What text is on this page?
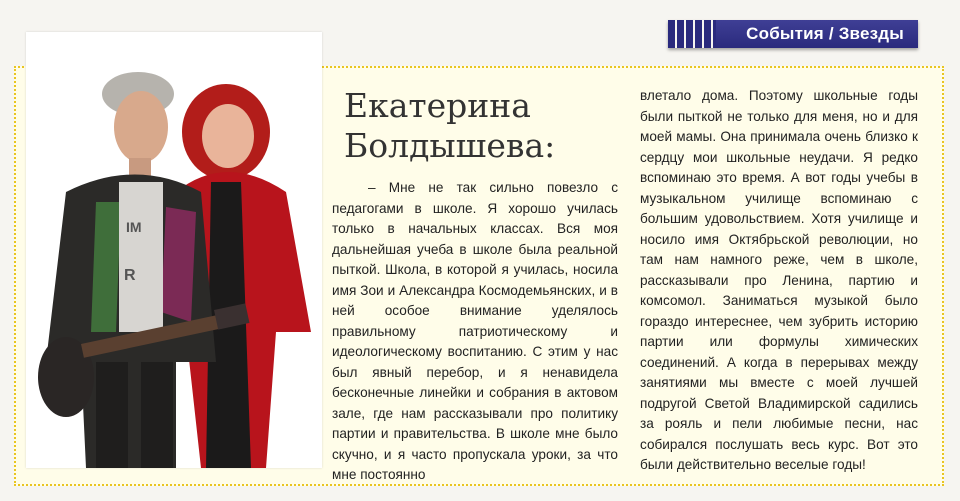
События / Звезды
IM
R
Екатерина
Болдышева:

– Мне не так сильно повезло с педагогами в школе. Я хорошо училась только в начальных классах. Вся моя дальнейшая учеба в школе была реальной пыткой. Школа, в которой я училась, носила имя Зои и Александра Космодемьянских, и в ней особое внимание уделялось правильному патриотическому и идеологическому воспитанию. С этим у нас был явный перебор, и я ненавидела бесконечные линейки и собрания в актовом зале, где нам рассказывали про политику партии и правительства. В школе мне было скучно, и я часто пропускала уроки, за что мне постоянно

влетало дома. Поэтому школьные годы были пыткой не только для меня, но и для моей мамы. Она принимала очень близко к сердцу мои школьные неудачи. Я редко вспоминаю это время. А вот годы учебы в музыкальном училище вспоминаю с большим удовольствием. Хотя училище и носило имя Октябрьской революции, но там нам намного реже, чем в школе, рассказывали про Ленина, партию и комсомол. Заниматься музыкой было гораздо интереснее, чем зубрить историю партии или формулы химических соединений. А когда в перерывах между занятиями мы вместе с моей лучшей подругой Светой Владимирской садились за рояль и пели любимые песни, нас собирался послушать весь курс. Вот это были действительно веселые годы!
